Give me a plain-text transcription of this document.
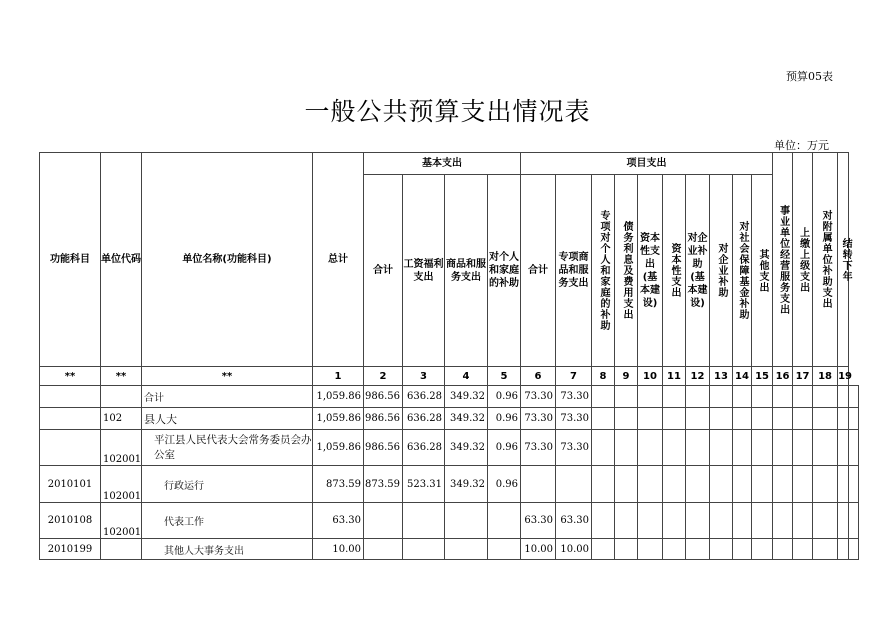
预算05表
一般公共预算支出情况表
单位：万元
功能科目	单位代码	单位名称(功能科目)	总计	基本支出				项目支出										事业单位经营服务支出	上缴上级支出	对附属单位补助支出	结转下年	

				合计	工资福利支出	商品和服务支出	对个人和家庭的补助	合计	专项商品和服务支出	专项对个人和家庭的补助	债务利息及费用支出	资本性支出(基本建设)	资本性支出	对企业补助(基本建设)	对企业补助	对社会保障基金补助	其他支出					

**	**	**	1	2	3	4	5	6	7	8	9	10	11	12	13	14	15	16	17	18	19	
		合计	1,059.86	986.56	636.28	349.32	0.96	73.30	73.30													
	102	县人大	1,059.86	986.56	636.28	349.32	0.96	73.30	73.30													
	102001	平江县人民代表大会常务委员会办公室	1,059.86	986.56	636.28	349.32	0.96	73.30	73.30													
2010101	102001	行政运行	873.59	873.59	523.31	349.32	0.96															
2010108	102001	代表工作	63.30					63.30	63.30													
2010199		其他人大事务支出	10.00					10.00	10.00													
